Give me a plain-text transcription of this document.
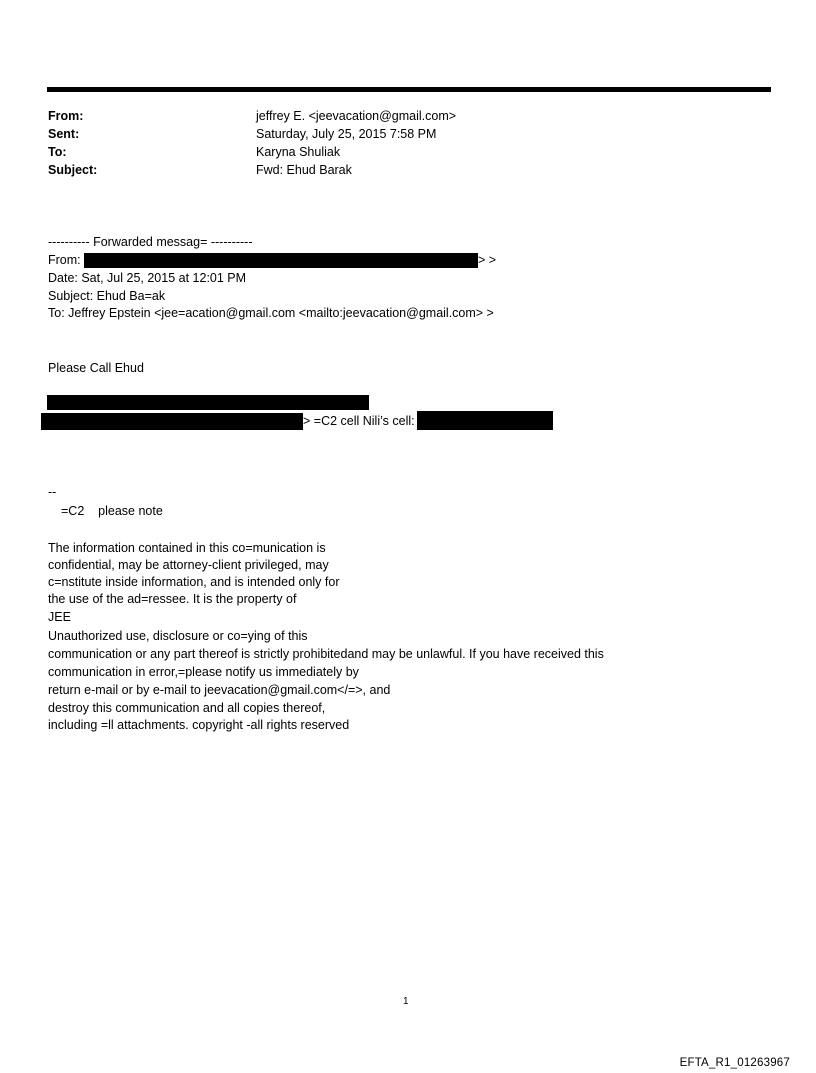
From:	jeffrey E. <jeevacation@gmail.com>
Sent:	Saturday, July 25, 2015 7:58 PM
To:	Karyna Shuliak
Subject:	Fwd: Ehud Barak
---------- Forwarded messag= ----------
From:	> >
Date: Sat, Jul 25, 2015 at 12:01 PM
Subject: Ehud Ba=ak
To: Jeffrey Epstein <jee=acation@gmail.com <mailto:jeevacation@gmail.com> >
Please Call Ehud
> =C2 cell Nili’s cell:
--
=C2    please note
The information contained in this co=munication is
confidential, may be attorney-client privileged, may
c=nstitute inside information, and is intended only for
the use of the ad=ressee. It is the property of
JEE
Unauthorized use, disclosure or co=ying of this
communication or any part thereof is strictly prohibitedand may be unlawful. If you have received this
communication in error,=please notify us immediately by
return e-mail or by e-mail to jeevacation@gmail.com</=>, and
destroy this communication and all copies thereof,
including =ll attachments. copyright -all rights reserved
1
EFTA_R1_01263967
